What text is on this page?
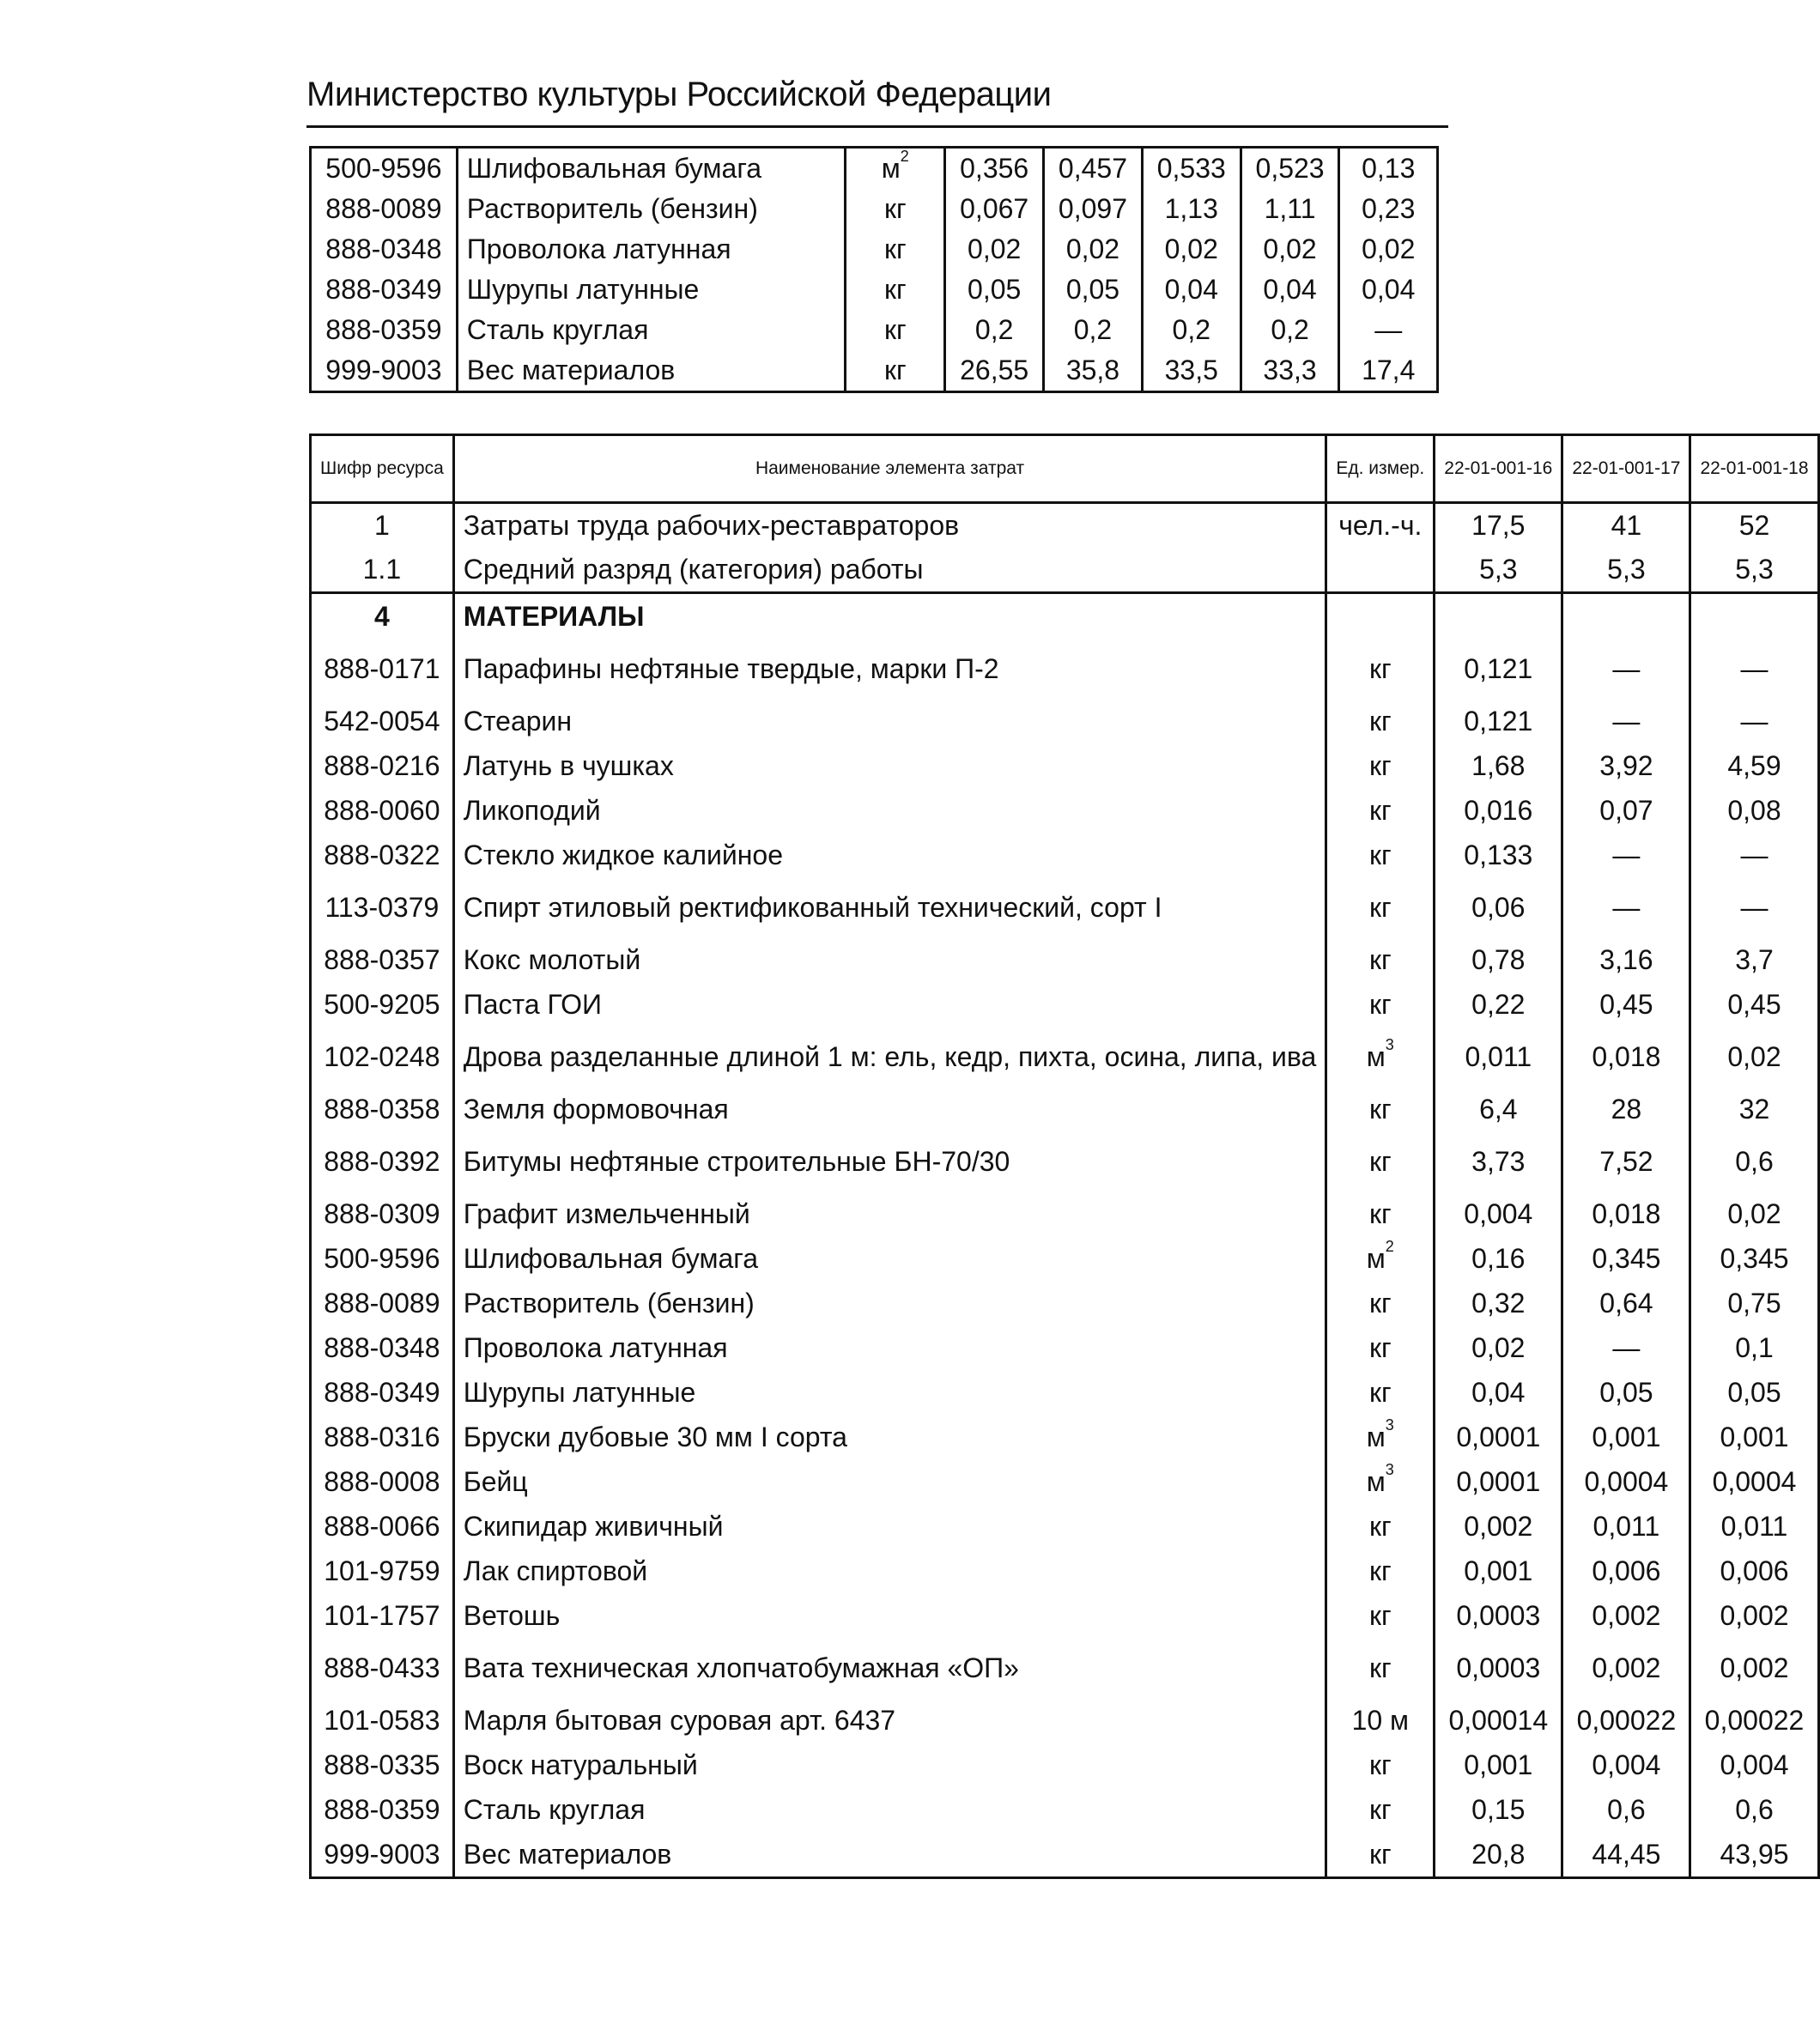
Министерство культуры Российской Федерации
500-9596	Шлифовальная бумага	$м^2$	0,356	0,457	0,533	0,523	0,13
888-0089	Растворитель (бензин)	кг	0,067	0,097	1,13	1,11	0,23
888-0348	Проволока латунная	кг	0,02	0,02	0,02	0,02	0,02
888-0349	Шурупы латунные	кг	0,05	0,05	0,04	0,04	0,04
888-0359	Сталь круглая	кг	0,2	0,2	0,2	0,2	—
999-9003	Вес материалов	кг	26,55	35,8	33,5	33,3	17,4
Шифр ресурса	Наименование элемента затрат	Ед. измер.	22-01-001-16	22-01-001-17	22-01-001-18
1	Затраты труда рабочих-реставраторов	чел.-ч.	17,5	41	52
1.1	Средний разряд (категория) работы		5,3	5,3	5,3
4	МАТЕРИАЛЫ				
888-0171	Парафины нефтяные твердые, марки П-2	кг	0,121	—	—
542-0054	Стеарин	кг	0,121	—	—
888-0216	Латунь в чушках	кг	1,68	3,92	4,59
888-0060	Ликоподий	кг	0,016	0,07	0,08
888-0322	Стекло жидкое калийное	кг	0,133	—	—
113-0379	Спирт этиловый ректификованный технический, сорт I	кг	0,06	—	—
888-0357	Кокс молотый	кг	0,78	3,16	3,7
500-9205	Паста ГОИ	кг	0,22	0,45	0,45
102-0248	Дрова разделанные длиной 1 м: ель, кедр, пихта, осина, липа, ива	$м^3$	0,011	0,018	0,02
888-0358	Земля формовочная	кг	6,4	28	32
888-0392	Битумы нефтяные строительные БН-70/30	кг	3,73	7,52	0,6
888-0309	Графит измельченный	кг	0,004	0,018	0,02
500-9596	Шлифовальная бумага	$м^2$	0,16	0,345	0,345
888-0089	Растворитель (бензин)	кг	0,32	0,64	0,75
888-0348	Проволока латунная	кг	0,02	—	0,1
888-0349	Шурупы латунные	кг	0,04	0,05	0,05
888-0316	Бруски дубовые 30 мм I сорта	$м^3$	0,0001	0,001	0,001
888-0008	Бейц	$м^3$	0,0001	0,0004	0,0004
888-0066	Скипидар живичный	кг	0,002	0,011	0,011
101-9759	Лак спиртовой	кг	0,001	0,006	0,006
101-1757	Ветошь	кг	0,0003	0,002	0,002
888-0433	Вата техническая хлопчатобумажная «ОП»	кг	0,0003	0,002	0,002
101-0583	Марля бытовая суровая арт. 6437	10 м	0,00014	0,00022	0,00022
888-0335	Воск натуральный	кг	0,001	0,004	0,004
888-0359	Сталь круглая	кг	0,15	0,6	0,6
999-9003	Вес материалов	кг	20,8	44,45	43,95
